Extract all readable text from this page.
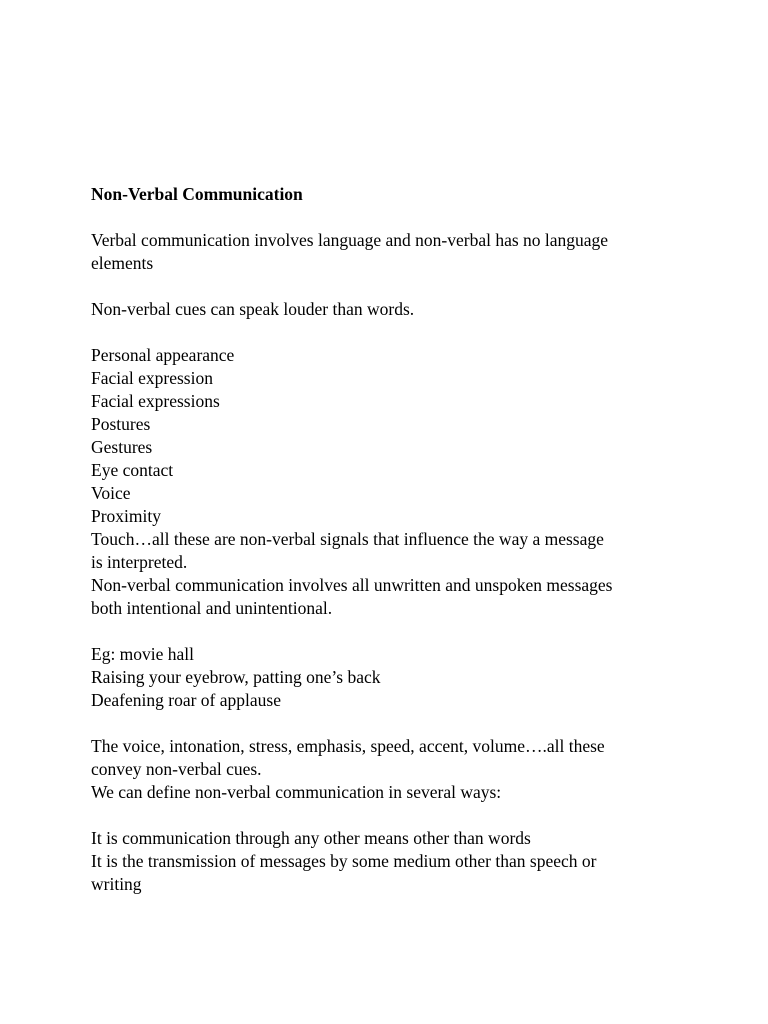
Non-Verbal Communication
Verbal communication involves language and non-verbal has no language
elements
Non-verbal cues can speak louder than words.
Personal appearance
Facial expression
Facial expressions
Postures
Gestures
Eye contact
Voice
Proximity
Touch…all these are non-verbal signals that influence the way a message
is interpreted.
Non-verbal communication involves all unwritten and unspoken messages
both intentional and unintentional.
Eg: movie hall
Raising your eyebrow, patting one’s back
Deafening roar of applause
The voice, intonation, stress, emphasis, speed, accent, volume….all these
convey non-verbal cues.
We can define non-verbal communication in several ways:
It is communication through any other means other than words
It is the transmission of messages by some medium other than speech or
writing
